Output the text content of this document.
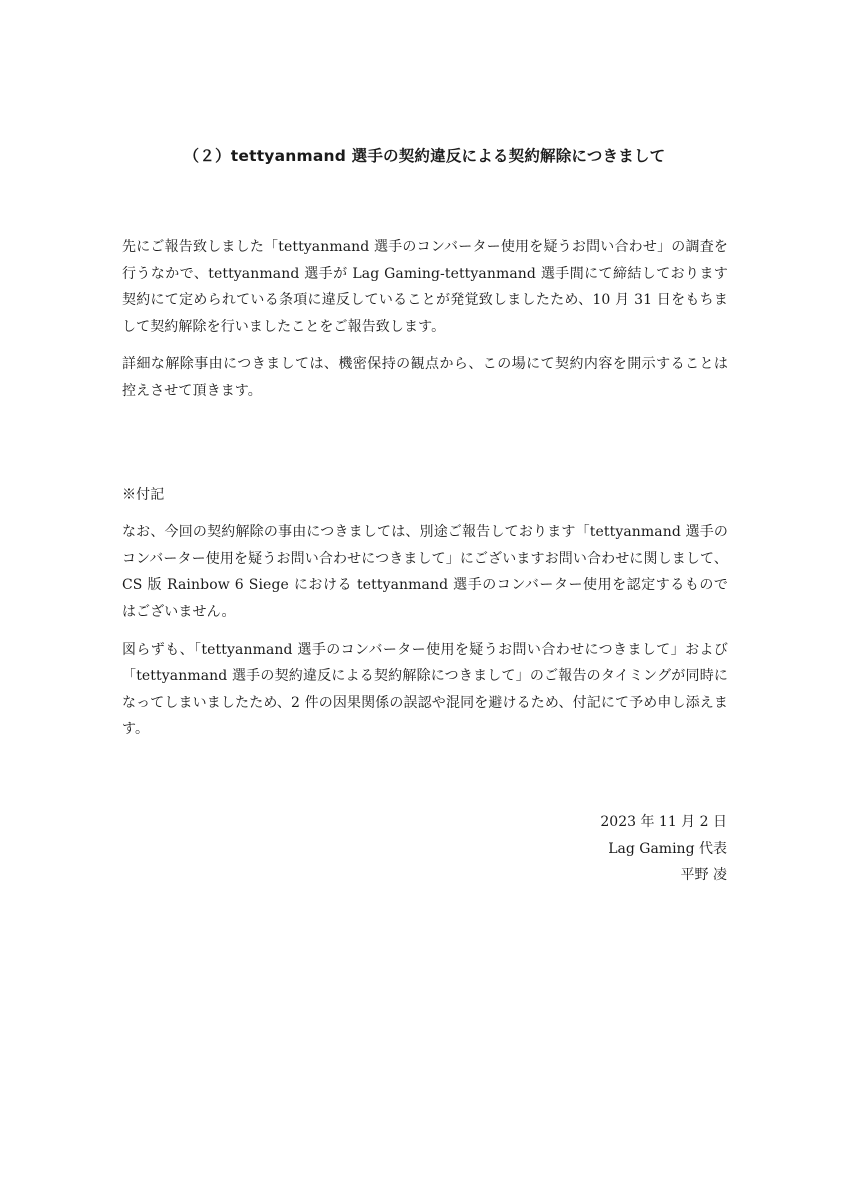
（２）tettyanmand 選手の契約違反による契約解除につきまして

先にご報告致しました「tettyanmand 選手のコンバーター使用を疑うお問い合わせ」の調査を行うなかで、tettyanmand 選手が Lag Gaming‐tettyanmand 選手間にて締結しております契約にて定められている条項に違反していることが発覚致しましたため、10 月 31 日をもちまして契約解除を行いましたことをご報告致します。

詳細な解除事由につきましては、機密保持の観点から、この場にて契約内容を開示することは控えさせて頂きます。

※付記

なお、今回の契約解除の事由につきましては、別途ご報告しております「tettyanmand 選手のコンバーター使用を疑うお問い合わせにつきまして」にございますお問い合わせに関しまして、CS 版 Rainbow 6 Siege における tettyanmand 選手のコンバーター使用を認定するものではございません。

図らずも、「tettyanmand 選手のコンバーター使用を疑うお問い合わせにつきまして」および「tettyanmand 選手の契約違反による契約解除につきまして」のご報告のタイミングが同時になってしまいましたため、2 件の因果関係の誤認や混同を避けるため、付記にて予め申し添えます。

2023 年 11 月 2 日
Lag Gaming 代表
平野 凌
